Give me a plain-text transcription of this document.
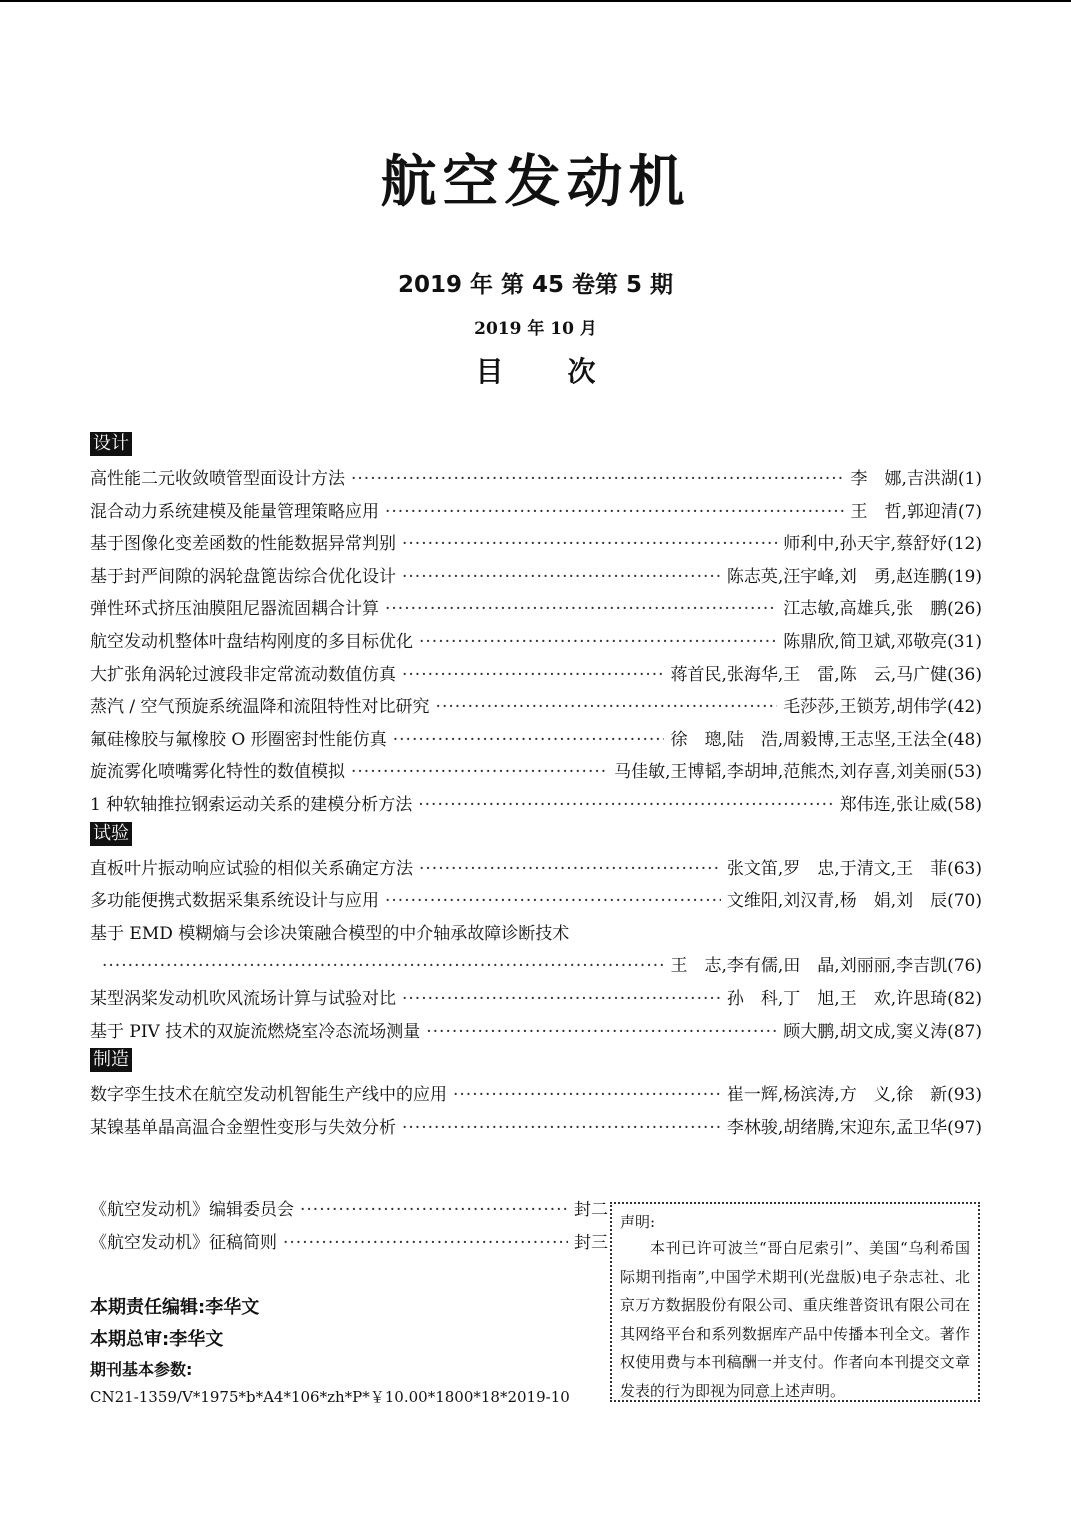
航空发动机
2019 年 第 45 卷第 5 期
2019 年 10 月
目次
设计
高性能二元收敛喷管型面设计方法 ·····	李　娜,吉洪湖(1)
混合动力系统建模及能量管理策略应用 ·····	王　哲,郭迎清(7)
基于图像化变差函数的性能数据异常判别 ·····	师利中,孙天宇,蔡舒妤(12)
基于封严间隙的涡轮盘篦齿综合优化设计 ·····	陈志英,汪宇峰,刘　勇,赵连鹏(19)
弹性环式挤压油膜阻尼器流固耦合计算 ·····	江志敏,高雄兵,张　鹏(26)
航空发动机整体叶盘结构刚度的多目标优化 ·····	陈鼎欣,简卫斌,邓敬亮(31)
大扩张角涡轮过渡段非定常流动数值仿真 ·····	蒋首民,张海华,王　雷,陈　云,马广健(36)
蒸汽 / 空气预旋系统温降和流阻特性对比研究 ·····	毛莎莎,王锁芳,胡伟学(42)
氟硅橡胶与氟橡胶 O 形圈密封性能仿真 ·····	徐　璁,陆　浩,周毅博,王志坚,王法全(48)
旋流雾化喷嘴雾化特性的数值模拟 ·····	马佳敏,王博韬,李胡坤,范熊杰,刘存喜,刘美丽(53)
1 种软轴推拉钢索运动关系的建模分析方法 ·····	郑伟连,张让威(58)
试验
直板叶片振动响应试验的相似关系确定方法 ·····	张文笛,罗　忠,于清文,王　菲(63)
多功能便携式数据采集系统设计与应用 ·····	文维阳,刘汉青,杨　娟,刘　辰(70)
基于 EMD 模糊熵与会诊决策融合模型的中介轴承故障诊断技术
·····
王　志,李有儒,田　晶,刘丽丽,李吉凯(76)
某型涡桨发动机吹风流场计算与试验对比 ·····	孙　科,丁　旭,王　欢,许思琦(82)
基于 PIV 技术的双旋流燃烧室冷态流场测量 ·····	顾大鹏,胡文成,窦义涛(87)
制造
数字孪生技术在航空发动机智能生产线中的应用 ·····	崔一辉,杨滨涛,方　义,徐　新(93)
某镍基单晶高温合金塑性变形与失效分析 ·····	李林骏,胡绪腾,宋迎东,孟卫华(97)
《航空发动机》编辑委员会 ·····	封二
《航空发动机》征稿简则 ·····	封三
本期责任编辑:李华文
本期总审:李华文
期刊基本参数:
CN21-1359/V*1975*b*A4*106*zh*P*￥10.00*1800*18*2019-10
声明:

本刊已许可波兰“哥白尼索引”、美国“乌利希国际期刊指南”,中国学术期刊(光盘版)电子杂志社、北京万方数据股份有限公司、重庆维普资讯有限公司在其网络平台和系列数据库产品中传播本刊全文。著作权使用费与本刊稿酬一并支付。作者向本刊提交文章发表的行为即视为同意上述声明。
